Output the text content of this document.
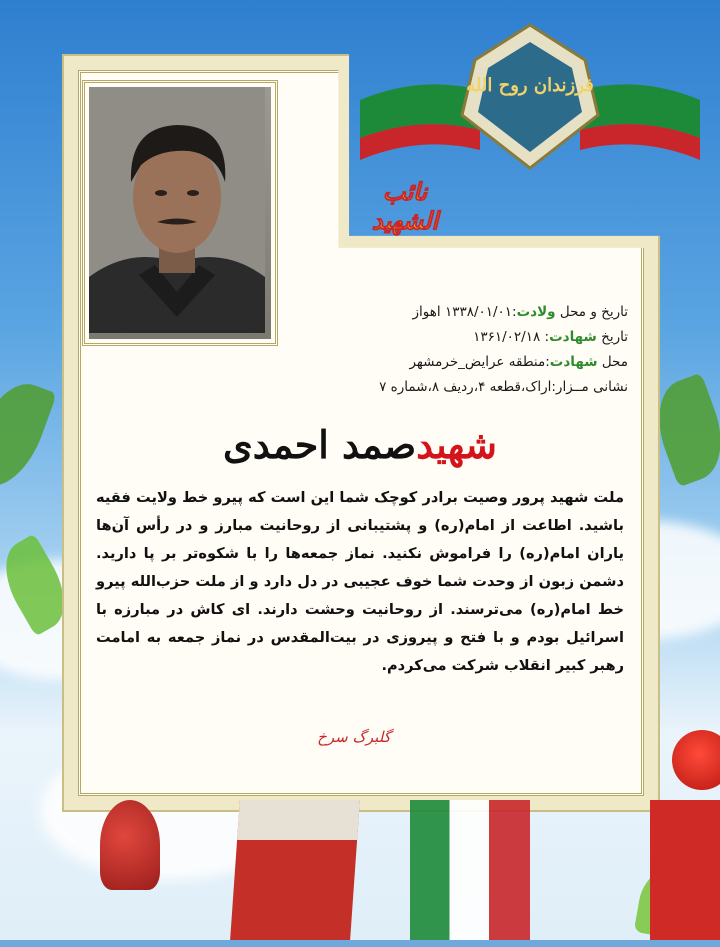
فرزندان روح الله
نائب الشهید
تاریخ و محل ولادت:۱۳۳۸/۰۱/۰۱ اهواز
تاریخ شهادت: ۱۳۶۱/۰۲/۱۸
محل شهادت:منطقه عرایض_خرمشهر
نشانی مــزار:اراک،قطعه ۴،ردیف ۸،شماره ۷
شهیدصمد احمدی
ملت شهید پرور وصیت برادر کوچک شما این است که پیرو خط ولایت فقیه باشید. اطاعت از امام(ره) و پشتیبانی از روحانیت مبارز و در رأس آن‌ها یاران امام(ره) را فراموش نکنید. نماز جمعه‌ها را با شکوه‌تر بر پا دارید. دشمن زبون از وحدت شما خوف عجیبی در دل دارد و از ملت حزب‌الله پیرو خط امام(ره) می‌ترسند. از روحانیت وحشت دارند. ای کاش در مبارزه با اسرائیل بودم و با فتح و پیروزی در بیت‌المقدس در نماز جمعه به امامت رهبر کبیر انقلاب شرکت می‌کردم.
گلبرگ سرخ
